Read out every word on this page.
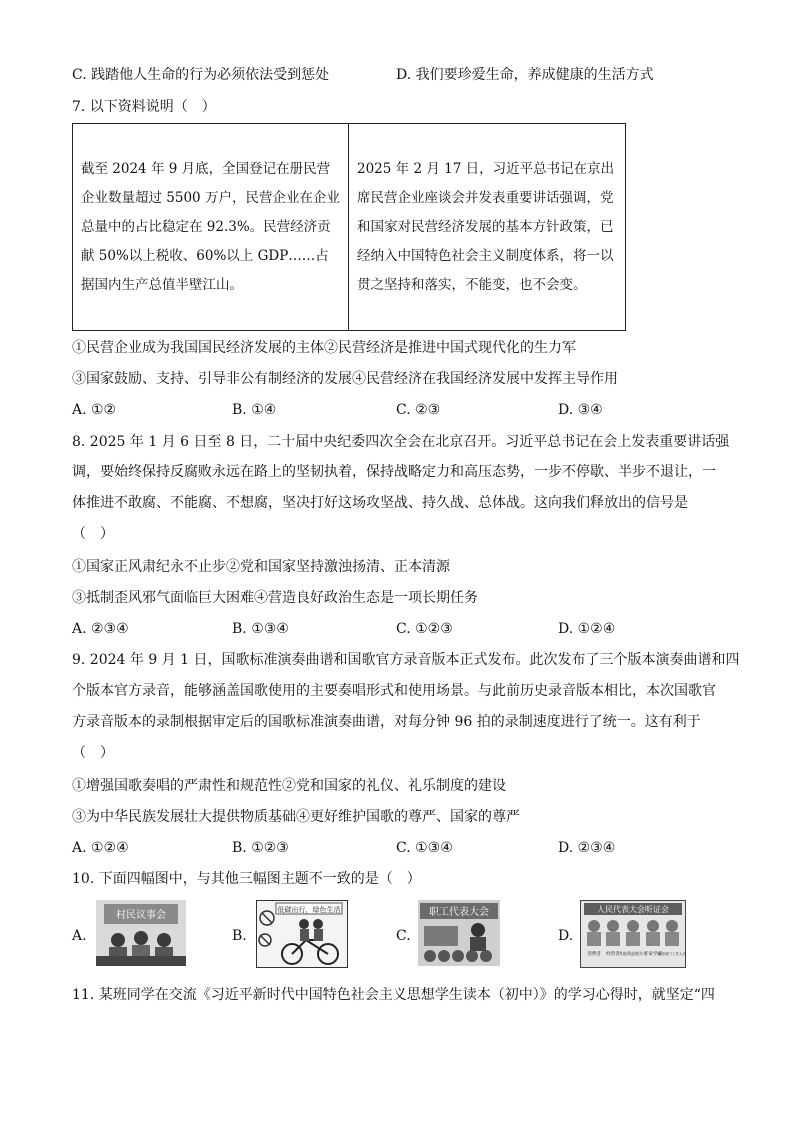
C. 践踏他人生命的行为必须依法受到惩处	D. 我们要珍爱生命，养成健康的生活方式
7. 以下资料说明（　）
截至 2024 年 9 月底，全国登记在册民营企业数量超过 5500 万户，民营企业在企业总量中的占比稳定在 92.3%。民营经济贡献 50%以上税收、60%以上 GDP……占据国内生产总值半壁江山。

2025 年 2 月 17 日，习近平总书记在京出席民营企业座谈会并发表重要讲话强调，党和国家对民营经济发展的基本方针政策，已经纳入中国特色社会主义制度体系，将一以贯之坚持和落实，不能变，也不会变。
①民营企业成为我国国民经济发展的主体②民营经济是推进中国式现代化的生力军
③国家鼓励、支持、引导非公有制经济的发展④民营经济在我国经济发展中发挥主导作用
A. ①②	B. ①④	C. ②③	D. ③④
8. 2025 年 1 月 6 日至 8 日，二十届中央纪委四次全会在北京召开。习近平总书记在会上发表重要讲话强
调，要始终保持反腐败永远在路上的坚韧执着，保持战略定力和高压态势，一步不停歇、半步不退让，一
体推进不敢腐、不能腐、不想腐，坚决打好这场攻坚战、持久战、总体战。这向我们释放出的信号是
（　）
①国家正风肃纪永不止步②党和国家坚持激浊扬清、正本清源
③抵制歪风邪气面临巨大困难④营造良好政治生态是一项长期任务
A. ②③④	B. ①③④	C. ①②③	D. ①②④
9. 2024 年 9 月 1 日，国歌标准演奏曲谱和国歌官方录音版本正式发布。此次发布了三个版本演奏曲谱和四
个版本官方录音，能够涵盖国歌使用的主要奏唱形式和使用场景。与此前历史录音版本相比，本次国歌官
方录音版本的录制根据审定后的国歌标准演奏曲谱，对每分钟 96 拍的录制速度进行了统一。这有利于
（　）
①增强国歌奏唱的严肃性和规范性②党和国家的礼仪、礼乐制度的建设
③为中华民族发展壮大提供物质基础④更好维护国歌的尊严、国家的尊严
A. ①②④	B. ①②③	C. ①③④	D. ②③④
10. 下面四幅图中，与其他三幅图主题不一致的是（　）
A.
村民议事会
B.
低碳出行，绿色生活
C.
职工代表大会
D.
人民代表大会听证会
消费者 经营者 其他利益相关方
专家学者
政府部门工作人员
11. 某班同学在交流《习近平新时代中国特色社会主义思想学生读本（初中）》的学习心得时，就坚定“四
